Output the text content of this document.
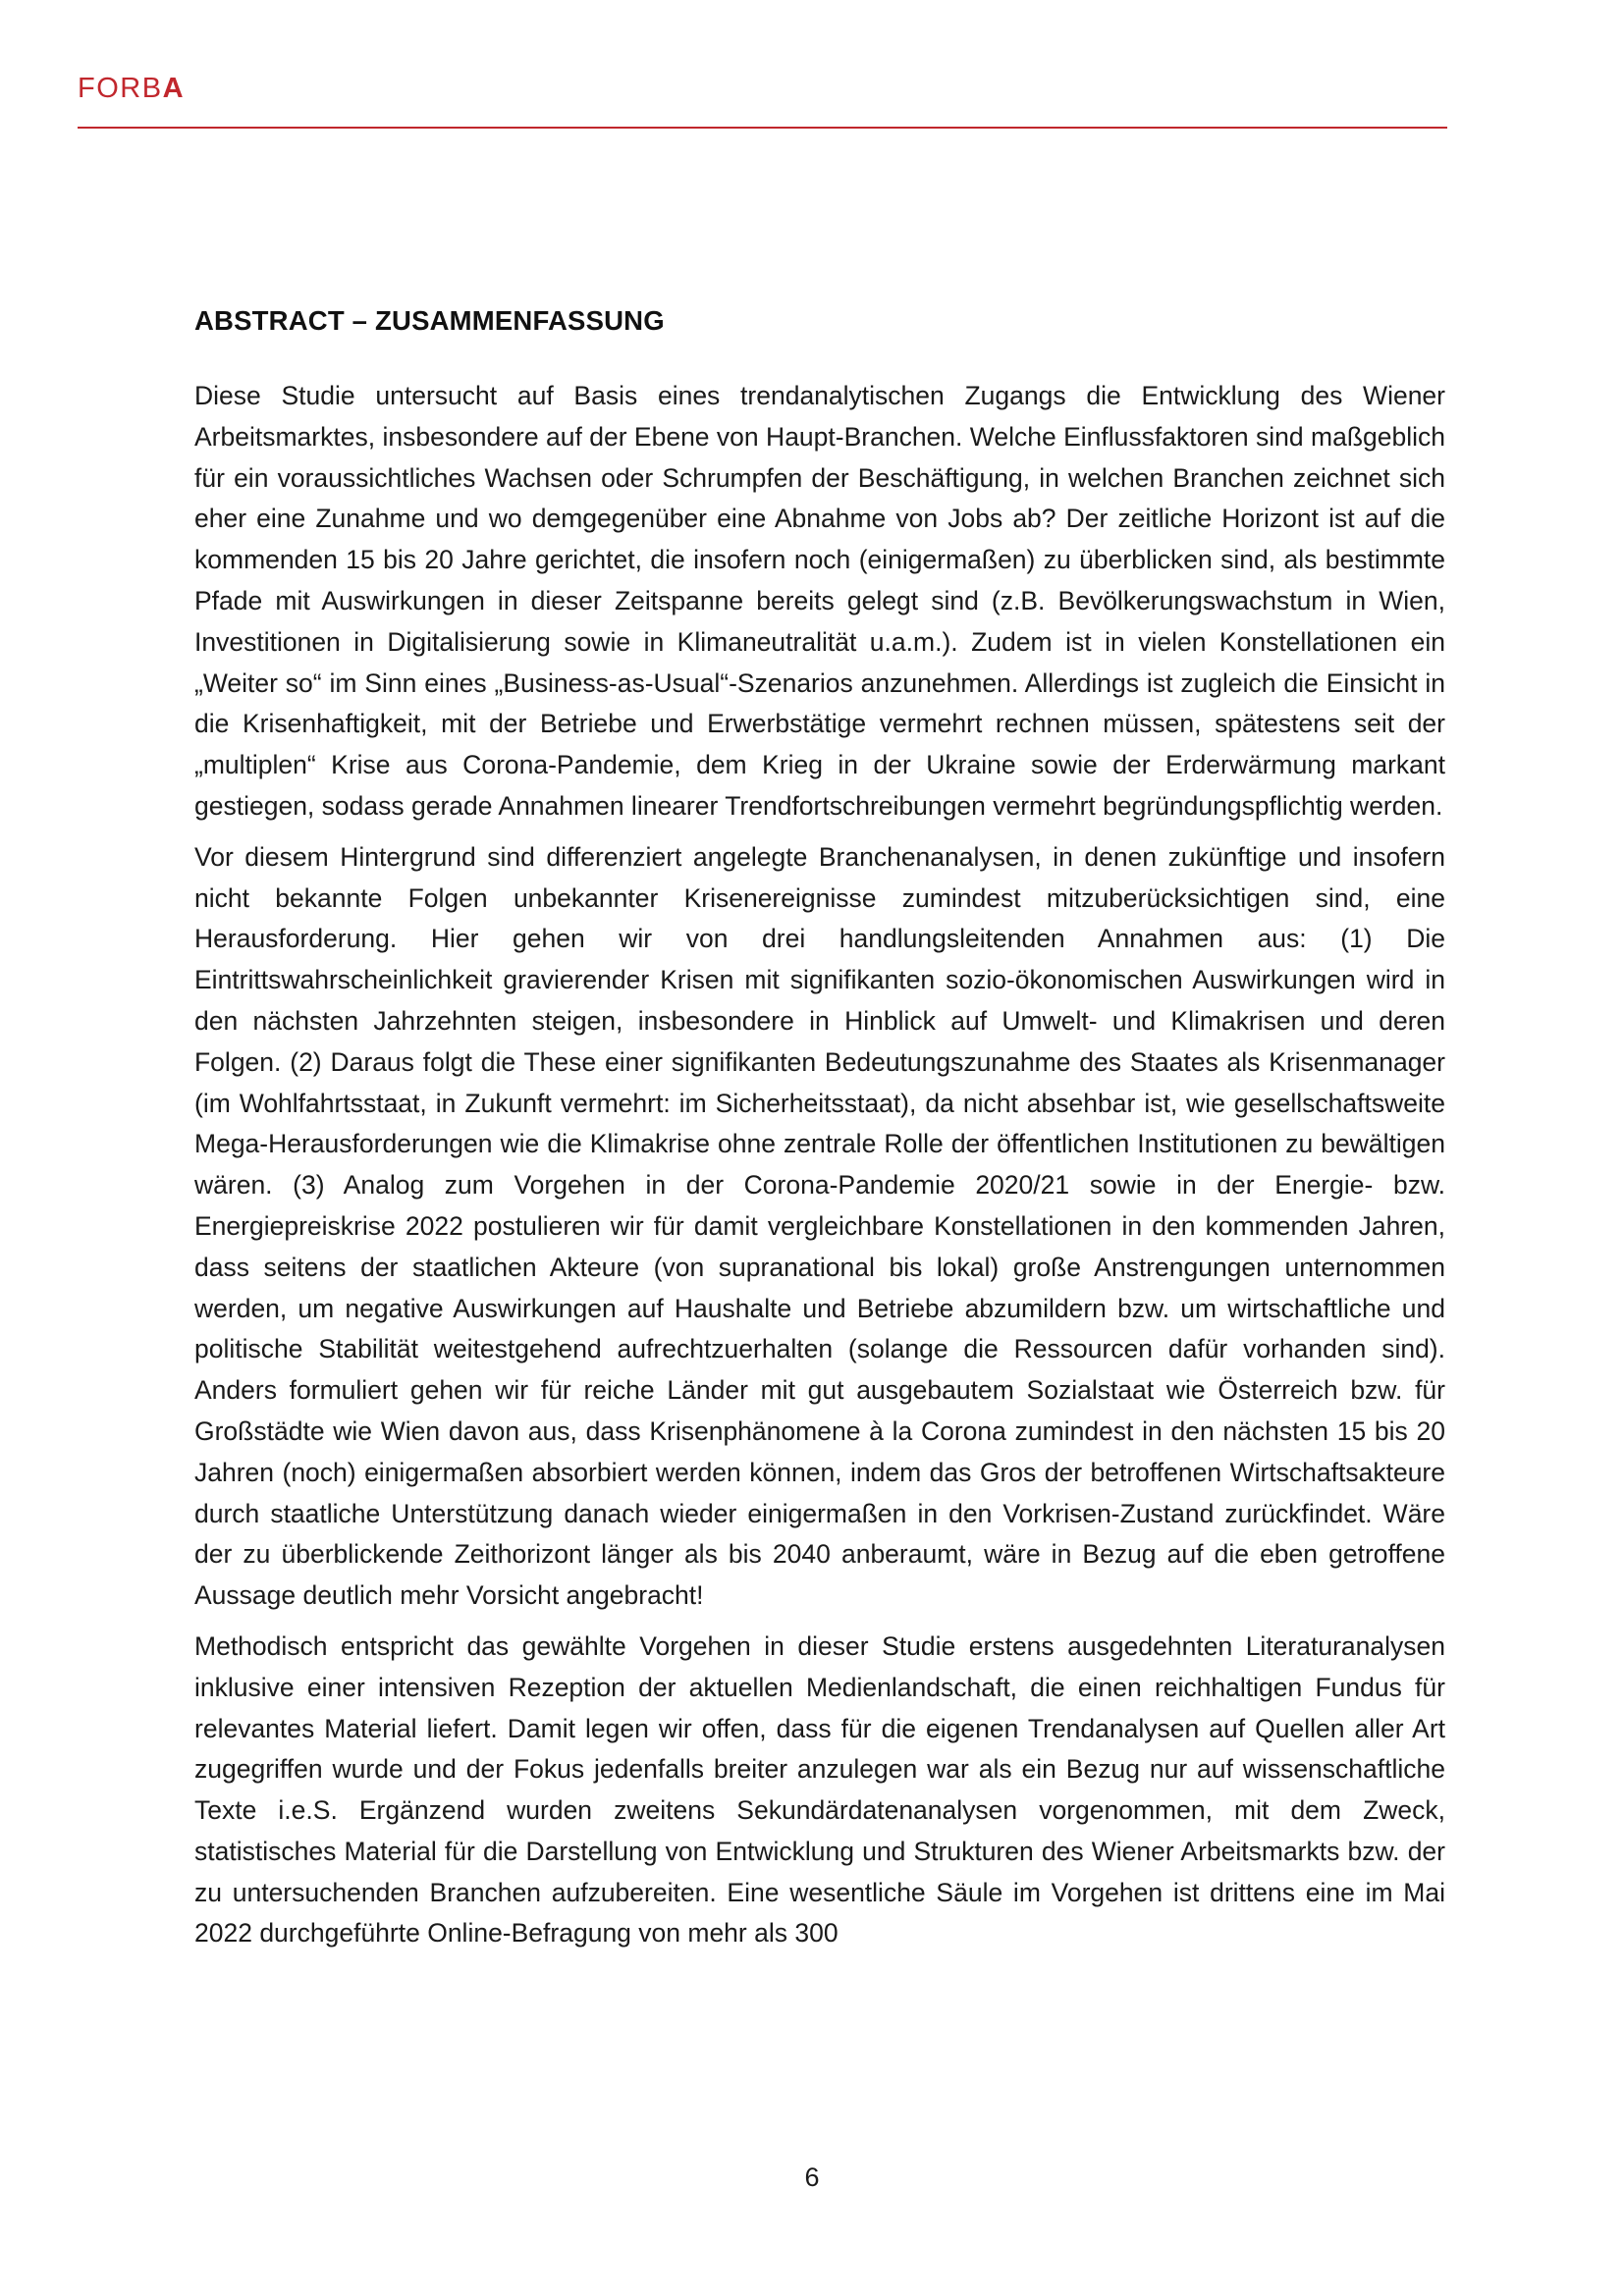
FORBA
ABSTRACT – ZUSAMMENFASSUNG

Diese Studie untersucht auf Basis eines trendanalytischen Zugangs die Entwicklung des Wiener Arbeitsmarktes, insbesondere auf der Ebene von Haupt-Branchen. Welche Einflussfaktoren sind maßgeblich für ein voraussichtliches Wachsen oder Schrumpfen der Beschäftigung, in welchen Branchen zeichnet sich eher eine Zunahme und wo demgegenüber eine Abnahme von Jobs ab? Der zeitliche Horizont ist auf die kommenden 15 bis 20 Jahre gerichtet, die insofern noch (einigermaßen) zu überblicken sind, als bestimmte Pfade mit Auswirkungen in dieser Zeitspanne bereits gelegt sind (z.B. Bevölkerungswachstum in Wien, Investitionen in Digitalisierung sowie in Klimaneutralität u.a.m.). Zudem ist in vielen Konstellationen ein „Weiter so“ im Sinn eines „Business-as-Usual“-Szenarios anzunehmen. Allerdings ist zugleich die Einsicht in die Krisenhaftigkeit, mit der Betriebe und Erwerbstätige vermehrt rechnen müssen, spätestens seit der „multiplen“ Krise aus Corona-Pandemie, dem Krieg in der Ukraine sowie der Erderwärmung markant gestiegen, sodass gerade Annahmen linearer Trendfortschreibungen vermehrt begründungspflichtig werden.

Vor diesem Hintergrund sind differenziert angelegte Branchenanalysen, in denen zukünftige und insofern nicht bekannte Folgen unbekannter Krisenereignisse zumindest mitzuberücksichtigen sind, eine Herausforderung. Hier gehen wir von drei handlungsleitenden Annahmen aus: (1) Die Eintrittswahrscheinlichkeit gravierender Krisen mit signifikanten sozio-ökonomischen Auswirkungen wird in den nächsten Jahrzehnten steigen, insbesondere in Hinblick auf Umwelt- und Klimakrisen und deren Folgen. (2) Daraus folgt die These einer signifikanten Bedeutungszunahme des Staates als Krisenmanager (im Wohlfahrtsstaat, in Zukunft vermehrt: im Sicherheitsstaat), da nicht absehbar ist, wie gesellschaftsweite Mega-Herausforderungen wie die Klimakrise ohne zentrale Rolle der öffentlichen Institutionen zu bewältigen wären. (3) Analog zum Vorgehen in der Corona-Pandemie 2020/21 sowie in der Energie- bzw. Energiepreiskrise 2022 postulieren wir für damit vergleichbare Konstellationen in den kommenden Jahren, dass seitens der staatlichen Akteure (von supranational bis lokal) große Anstrengungen unternommen werden, um negative Auswirkungen auf Haushalte und Betriebe abzumildern bzw. um wirtschaftliche und politische Stabilität weitestgehend aufrechtzuerhalten (solange die Ressourcen dafür vorhanden sind). Anders formuliert gehen wir für reiche Länder mit gut ausgebautem Sozialstaat wie Österreich bzw. für Großstädte wie Wien davon aus, dass Krisenphänomene à la Corona zumindest in den nächsten 15 bis 20 Jahren (noch) einigermaßen absorbiert werden können, indem das Gros der betroffenen Wirtschaftsakteure durch staatliche Unterstützung danach wieder einigermaßen in den Vorkrisen-Zustand zurückfindet. Wäre der zu überblickende Zeithorizont länger als bis 2040 anberaumt, wäre in Bezug auf die eben getroffene Aussage deutlich mehr Vorsicht angebracht!

Methodisch entspricht das gewählte Vorgehen in dieser Studie erstens ausgedehnten Literaturanalysen inklusive einer intensiven Rezeption der aktuellen Medienlandschaft, die einen reichhaltigen Fundus für relevantes Material liefert. Damit legen wir offen, dass für die eigenen Trendanalysen auf Quellen aller Art zugegriffen wurde und der Fokus jedenfalls breiter anzulegen war als ein Bezug nur auf wissenschaftliche Texte i.e.S. Ergänzend wurden zweitens Sekundärdatenanalysen vorgenommen, mit dem Zweck, statistisches Material für die Darstellung von Entwicklung und Strukturen des Wiener Arbeitsmarkts bzw. der zu untersuchenden Branchen aufzubereiten. Eine wesentliche Säule im Vorgehen ist drittens eine im Mai 2022 durchgeführte Online-Befragung von mehr als 300

6
